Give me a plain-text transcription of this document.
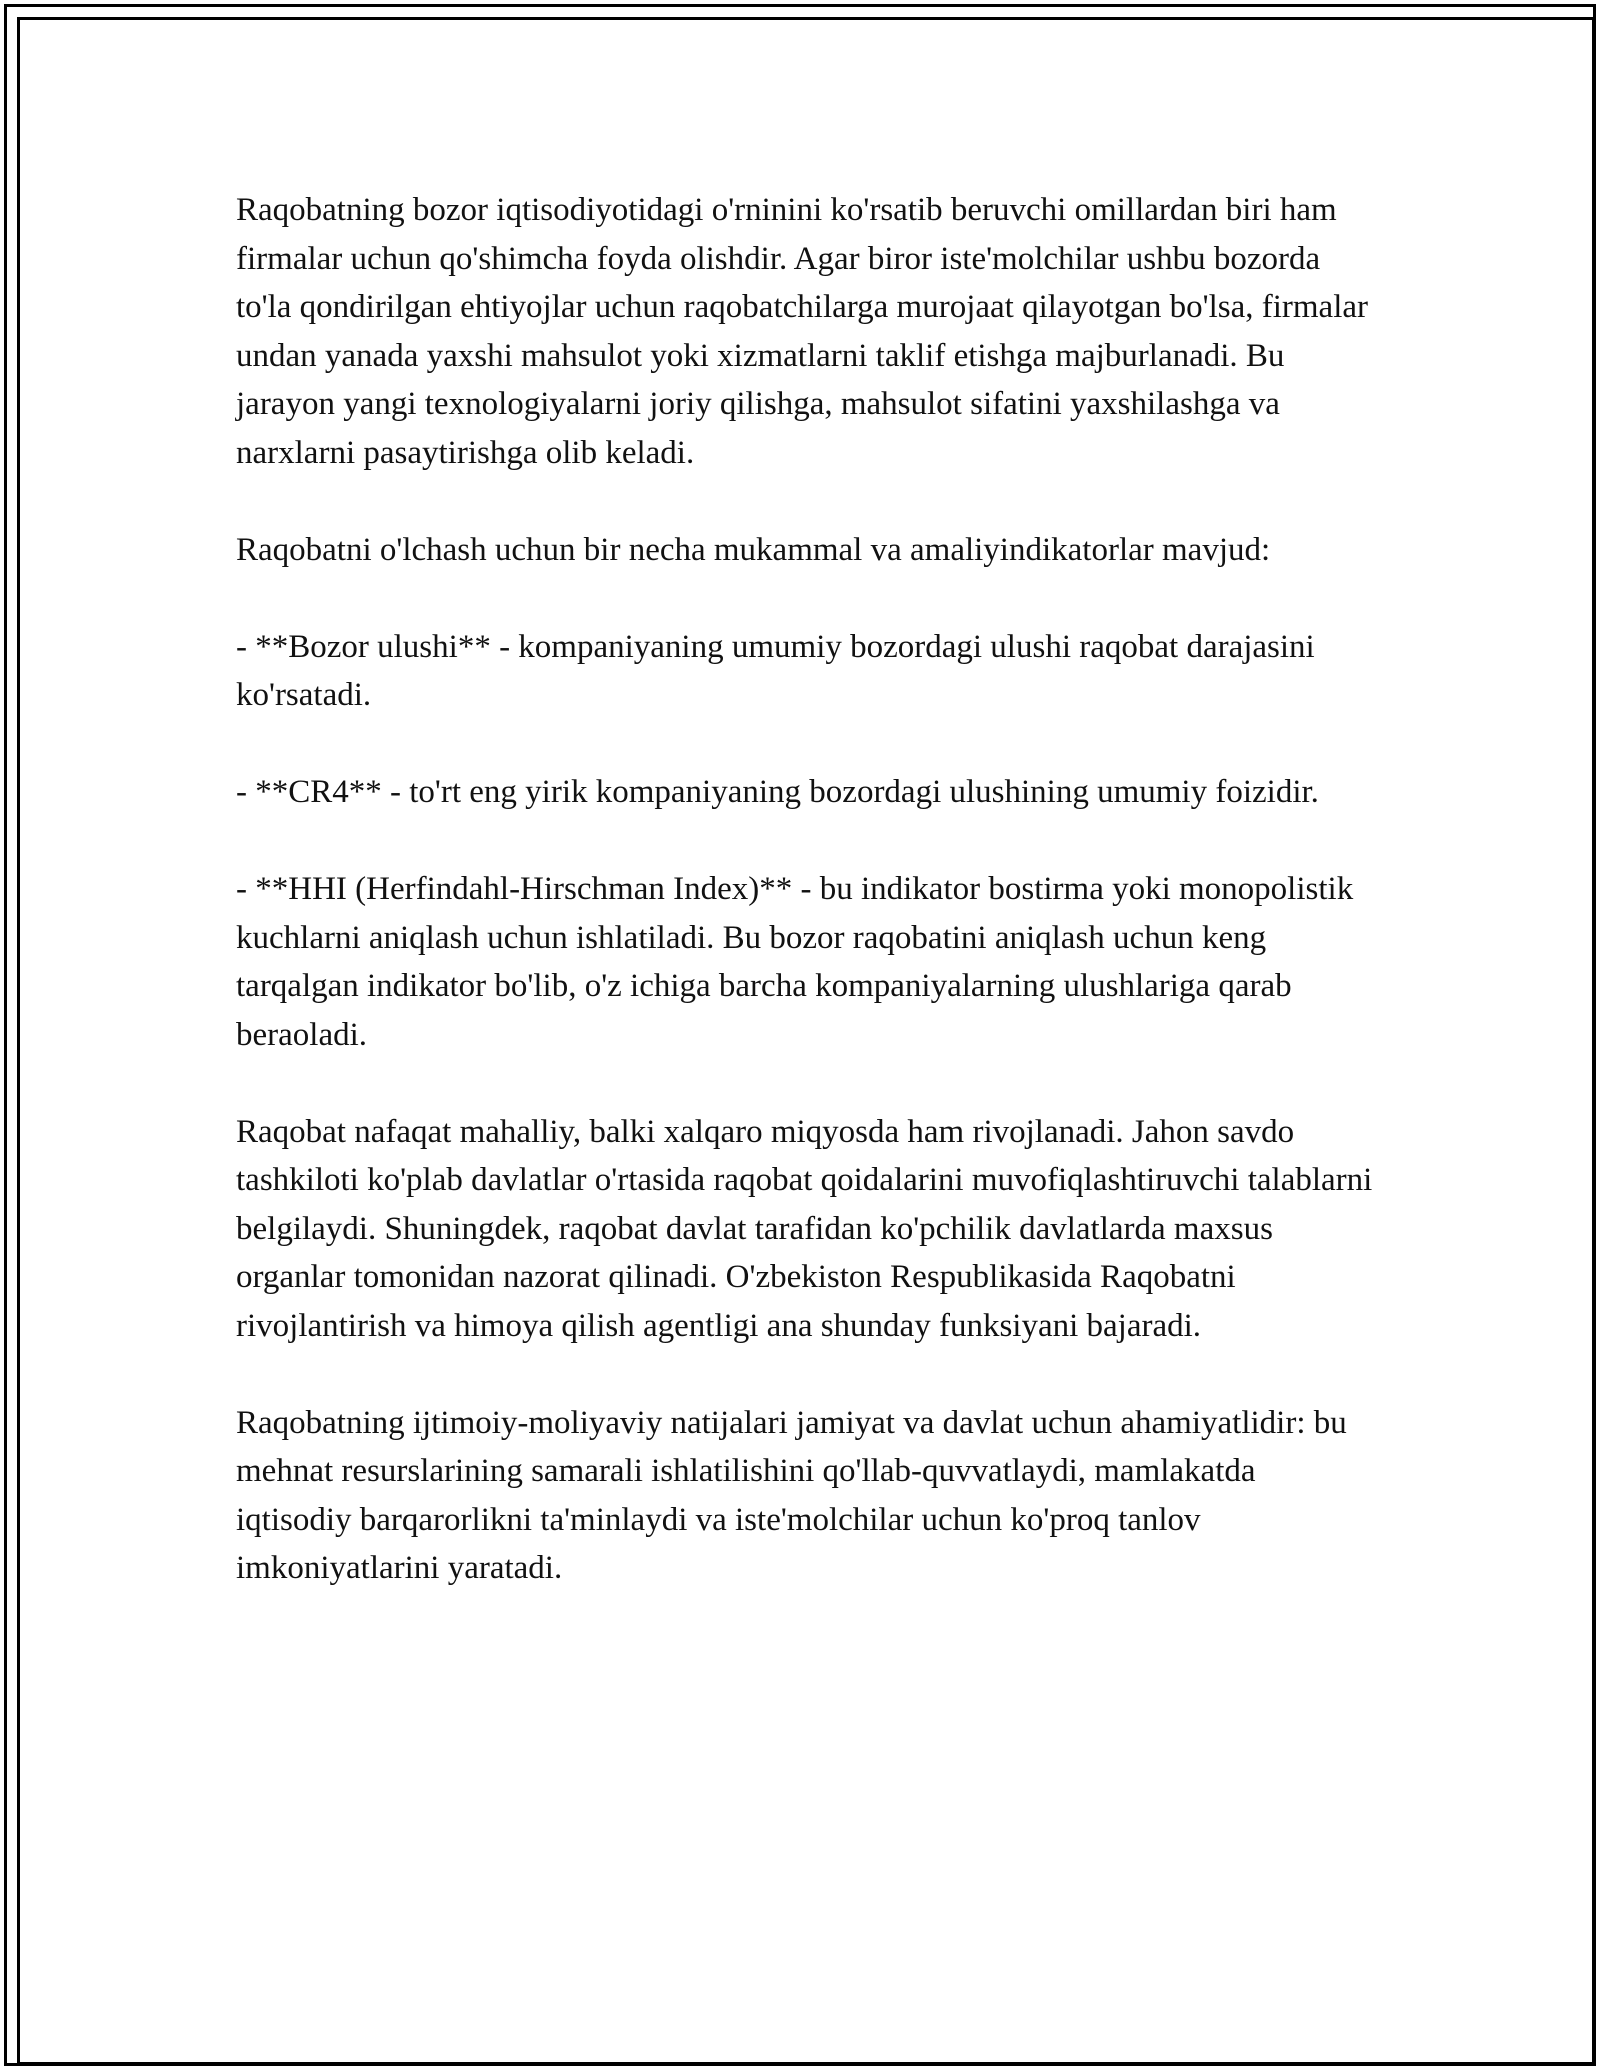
Raqobatning bozor iqtisodiyotidagi o'rninini ko'rsatib beruvchi omillardan biri ham firmalar uchun qo'shimcha foyda olishdir. Agar biror iste'molchilar ushbu bozorda to'la qondirilgan ehtiyojlar uchun raqobatchilarga murojaat qilayotgan bo'lsa, firmalar undan yanada yaxshi mahsulot yoki xizmatlarni taklif etishga majburlanadi. Bu jarayon yangi texnologiyalarni joriy qilishga, mahsulot sifatini yaxshilashga va narxlarni pasaytirishga olib keladi.

Raqobatni o'lchash uchun bir necha mukammal va amaliyindikatorlar mavjud:

- **Bozor ulushi** - kompaniyaning umumiy bozordagi ulushi raqobat darajasini ko'rsatadi.

- **CR4** - to'rt eng yirik kompaniyaning bozordagi ulushining umumiy foizidir.

- **HHI (Herfindahl-Hirschman Index)** - bu indikator bostirma yoki monopolistik kuchlarni aniqlash uchun ishlatiladi. Bu bozor raqobatini aniqlash uchun keng tarqalgan indikator bo'lib, o'z ichiga barcha kompaniyalarning ulushlariga qarab beraoladi.

Raqobat nafaqat mahalliy, balki xalqaro miqyosda ham rivojlanadi. Jahon savdo tashkiloti ko'plab davlatlar o'rtasida raqobat qoidalarini muvofiqlashtiruvchi talablarni belgilaydi. Shuningdek, raqobat davlat tarafidan ko'pchilik davlatlarda maxsus organlar tomonidan nazorat qilinadi. O'zbekiston Respublikasida Raqobatni rivojlantirish va himoya qilish agentligi ana shunday funksiyani bajaradi.

Raqobatning ijtimoiy-moliyaviy natijalari jamiyat va davlat uchun ahamiyatlidir: bu mehnat resurslarining samarali ishlatilishini qo'llab-quvvatlaydi, mamlakatda iqtisodiy barqarorlikni ta'minlaydi va iste'molchilar uchun ko'proq tanlov imkoniyatlarini yaratadi.
